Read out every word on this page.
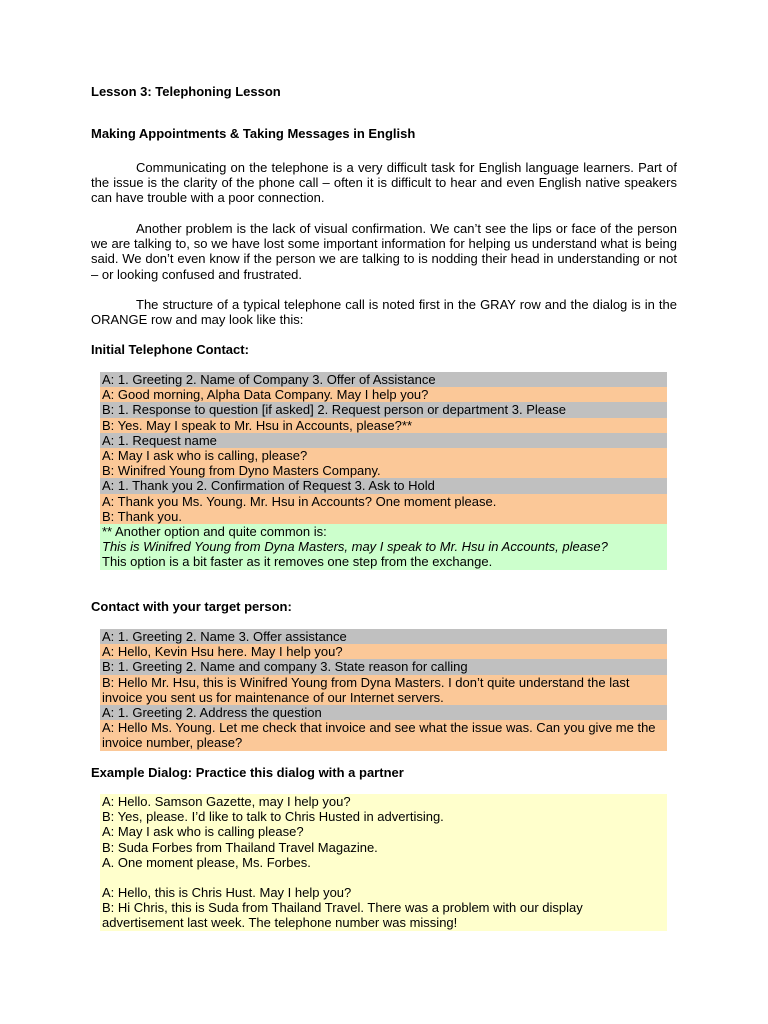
Lesson 3: Telephoning Lesson
Making Appointments & Taking Messages in English
Communicating on the telephone is a very difficult task for English language learners. Part of the issue is the clarity of the phone call – often it is difficult to hear and even English native speakers can have trouble with a poor connection.
Another problem is the lack of visual confirmation. We can’t see the lips or face of the person we are talking to, so we have lost some important information for helping us understand what is being said. We don’t even know if the person we are talking to is nodding their head in understanding or not – or looking confused and frustrated.
The structure of a typical telephone call is noted first in the GRAY row and the dialog is in the ORANGE row and may look like this:
Initial Telephone Contact:
A: 1. Greeting 2. Name of Company 3. Offer of Assistance
A: Good morning, Alpha Data Company. May I help you?
B: 1. Response to question [if asked] 2. Request person or department 3. Please
B: Yes. May I speak to Mr. Hsu in Accounts, please?**
A: 1. Request name
A: May I ask who is calling, please?
B: Winifred Young from Dyno Masters Company.
A: 1. Thank you 2. Confirmation of Request 3. Ask to Hold
A: Thank you Ms. Young. Mr. Hsu in Accounts? One moment please.
B: Thank you.
** Another option and quite common is:
This is Winifred Young from Dyna Masters, may I speak to Mr. Hsu in Accounts, please?
This option is a bit faster as it removes one step from the exchange.
Contact with your target person:
A: 1. Greeting 2. Name 3. Offer assistance
A: Hello, Kevin Hsu here. May I help you?
B: 1. Greeting 2. Name and company 3. State reason for calling
B: Hello Mr. Hsu, this is Winifred Young from Dyna Masters. I don’t quite understand the last invoice you sent us for maintenance of our Internet servers.
A: 1. Greeting 2. Address the question
A: Hello Ms. Young. Let me check that invoice and see what the issue was. Can you give me the invoice number, please?
Example Dialog: Practice this dialog with a partner
A: Hello. Samson Gazette, may I help you?
B: Yes, please. I’d like to talk to Chris Husted in advertising.
A: May I ask who is calling please?
B: Suda Forbes from Thailand Travel Magazine.
A. One moment please, Ms. Forbes.
A: Hello, this is Chris Hust. May I help you?
B: Hi Chris, this is Suda from Thailand Travel. There was a problem with our display advertisement last week. The telephone number was missing!
